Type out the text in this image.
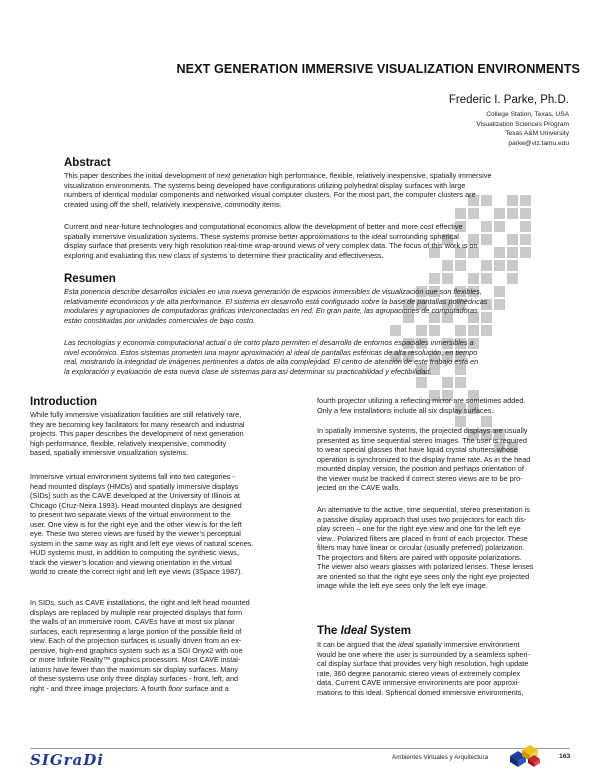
NEXT GENERATION IMMERSIVE VISUALIZATION ENVIRONMENTS
Frederic I. Parke, Ph.D.
College Station, Texas, USA
Visualization Sciences Program
Texas A&M University
parke@viz.tamu.edu
Abstract
This paper describes the initial development of next generation high performance, flexible, relatively inexpensive, spatially immersive
visualization environments. The systems being developed have configurations utilizing polyhedral display surfaces with large
numbers of identical modular components and networked visual computer clusters. For the most part, the computer clusters are
created using off the shelf, relatively inexpensive, commodity items.
Current and near-future technologies and computational economics allow the development of better and more cost effective
spatially immersive visualization systems. These systems promise better approximations to the ideal surrounding spherical
display surface that presents very high resolution real-time wrap-around views of very complex data. The focus of this work is on
exploring and evaluating this new class of systems to determine their practicality and effectiveness.
Resumen
Esta ponencia describe desarrollos iniciales en una nueva generación de espacios inmersibles de visualización que son flexibles,
relativamente económicos y de alta performance. El sistema en desarrollo está configurado sobre la base de pantallas polihédricas
modulares y agrupaciones de computadoras gráficas interconectadas en red. En gran parte, las agrupaciones de computadoras
están constituidas por unidades comerciales de bajo costo.
Las tecnologías y economía computacional actual o de corto plazo permiten el desarrollo de entornos espaciales inmersibles a
nivel económico. Estos sistemas prometen una mayor aproximación al ideal de pantallas esféricas de alta resolución, en tiempo
real, mostrando la integridad de imágenes pertinentes a datos de alta complejidad. El centro de atención de este trabajo está en
la exploración y evaluación de esta nueva clase de sistemas para así determinar su practicabilidad y efectibilidad.
Introduction
While fully immersive visualization facilities are still relatively rare,
they are becoming key facilitators for many research and industrial
projects. This paper describes the development of next generation
high performance, flexible, relatively inexpensive, commodity
based, spatially immersive visualization systems.
Immersive virtual environment systems fall into two categories -
head mounted displays (HMDs) and spatially immersive displays
(SIDs) such as the CAVE developed at the University of Illinois at
Chicago (Cruz-Neira 1993). Head mounted displays are designed
to present two separate views of the virtual environment to the
user. One view is for the right eye and the other view is for the left
eye. These two stereo views are fused by the viewer’s perceptual
system in the same way as right and left eye views of natural scenes.
HUD systems must, in addition to computing the synthetic views,
track the viewer’s location and viewing orientation in the virtual
world to create the correct right and left eye views (3Space 1987).
In SIDs, such as CAVE installations, the right and left head mounted
displays are replaced by multiple rear projected displays that form
the walls of an immersive room. CAVEs have at most six planar
surfaces, each representing a large portion of the possible field of
view. Each of the projection surfaces is usually driven from an ex-
pensive, high-end graphics system such as a SGI Onyx2 with one
or more Infinite Reality™ graphics processors. Most CAVE instal-
lations have fewer than the maximum six display surfaces. Many
of these systems use only three display surfaces - front, left, and
right - and three image projectors. A fourth floor surface and a
fourth projector utilizing a reflecting mirror are sometimes added.
Only a few installations include all six display surfaces.
In spatially immersive systems, the projected displays are usually
presented as time sequential stereo images. The user is required
to wear special glasses that have liquid crystal shutters whose
operation is synchronized to the display frame rate. As in the head
mounted display version, the position and perhaps orientation of
the viewer must be tracked if correct stereo views are to be pro-
jected on the CAVE walls.
An alternative to the active, time sequential, stereo presentation is
a passive display approach that uses two projectors for each dis-
play screen – one for the right eye view and one for the left eye
view.. Polarized filters are placed in front of each projector. These
filters may have linear or circular (usually preferred) polarization.
The projectors and filters are paired with opposite polarizations.
The viewer also wears glasses with polarized lenses. These lenses
are oriented so that the right eye sees only the right eye projected
image while the left eye sees only the left eye image.
The Ideal System
It can be argued that the ideal spatially immersive environment
would be one where the user is surrounded by a seamless spheri-
cal display surface that provides very high resolution, high update
rate, 360 degree panoramic stereo views of extremely complex
data. Current CAVE immersive environments are poor approxi-
mations to this ideal. Spherical domed immersive environments,
SIGraDi	Ambientes Virtuales y Arquitectura	163
